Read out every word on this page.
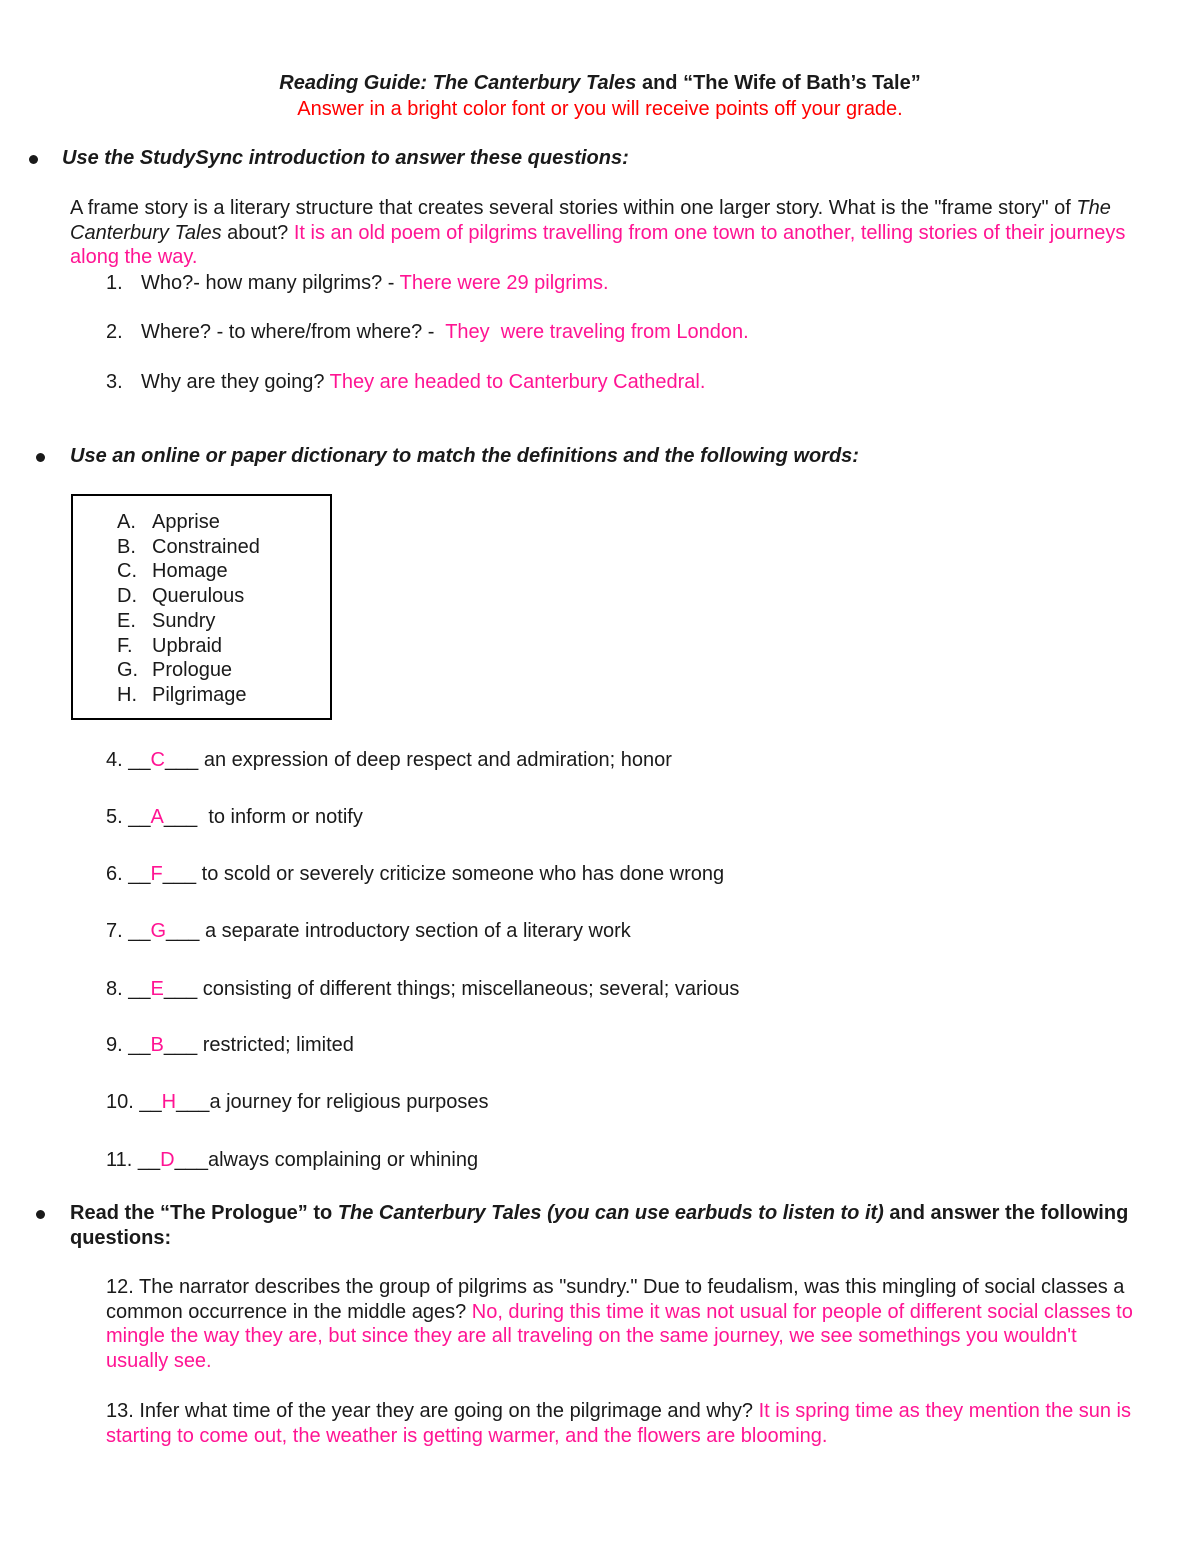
Reading Guide: The Canterbury Tales and “The Wife of Bath’s Tale”
Answer in a bright color font or you will receive points off your grade.
Use the StudySync introduction to answer these questions:
A frame story is a literary structure that creates several stories within one larger story. What is the "frame story" of The Canterbury Tales about? It is an old poem of pilgrims travelling from one town to another, telling stories of their journeys along the way.
1. Who?- how many pilgrims? - There were 29 pilgrims.
2. Where? - to where/from where? -  They  were traveling from London.
3. Why are they going? They are headed to Canterbury Cathedral.
Use an online or paper dictionary to match the definitions and the following words:
A. Apprise
B. Constrained
C. Homage
D. Querulous
E. Sundry
F. Upbraid
G. Prologue
H. Pilgrimage
4. __C___ an expression of deep respect and admiration; honor
5. __A___  to inform or notify
6. __F___ to scold or severely criticize someone who has done wrong
7. __G___ a separate introductory section of a literary work
8. __E___ consisting of different things; miscellaneous; several; various
9. __B___ restricted; limited
10. __H___a journey for religious purposes
11. __D___always complaining or whining
Read the “The Prologue” to The Canterbury Tales (you can use earbuds to listen to it) and answer the following questions:
12. The narrator describes the group of pilgrims as "sundry." Due to feudalism, was this mingling of social classes a common occurrence in the middle ages? No, during this time it was not usual for people of different social classes to mingle the way they are, but since they are all traveling on the same journey, we see somethings you wouldn't usually see.
13. Infer what time of the year they are going on the pilgrimage and why? It is spring time as they mention the sun is starting to come out, the weather is getting warmer, and the flowers are blooming.
